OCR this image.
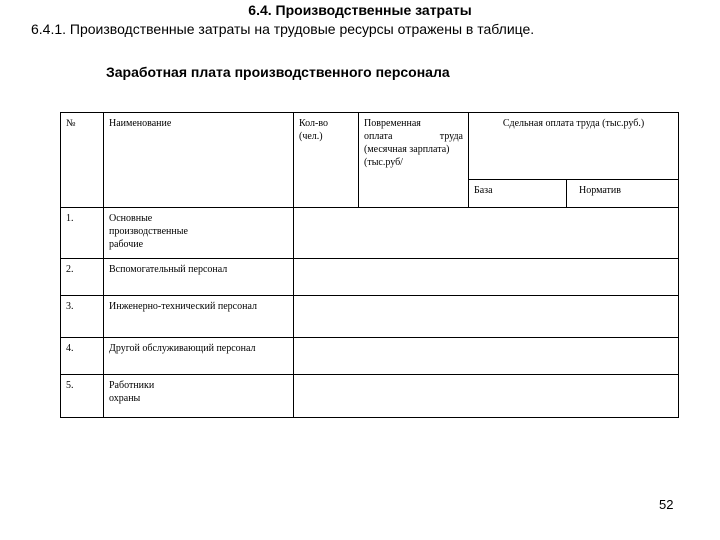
6.4. Производственные затраты
6.4.1. Производственные затраты на трудовые ресурсы отражены в таблице.
Заработная плата производственного персонала
№	Наименование	Кол-во (чел.)	Повременная
оплата труда
(месячная зарплата) (тыс.руб/	Сдельная оплата труда (тыс.руб.)	
				База	Норматив
1.	Основные производственные рабочие				
2.	Вспомогательный персонал				
3.	Инженерно-технический персонал				
4.	Другой обслуживающий персонал				
5.	Работники охраны				
52
